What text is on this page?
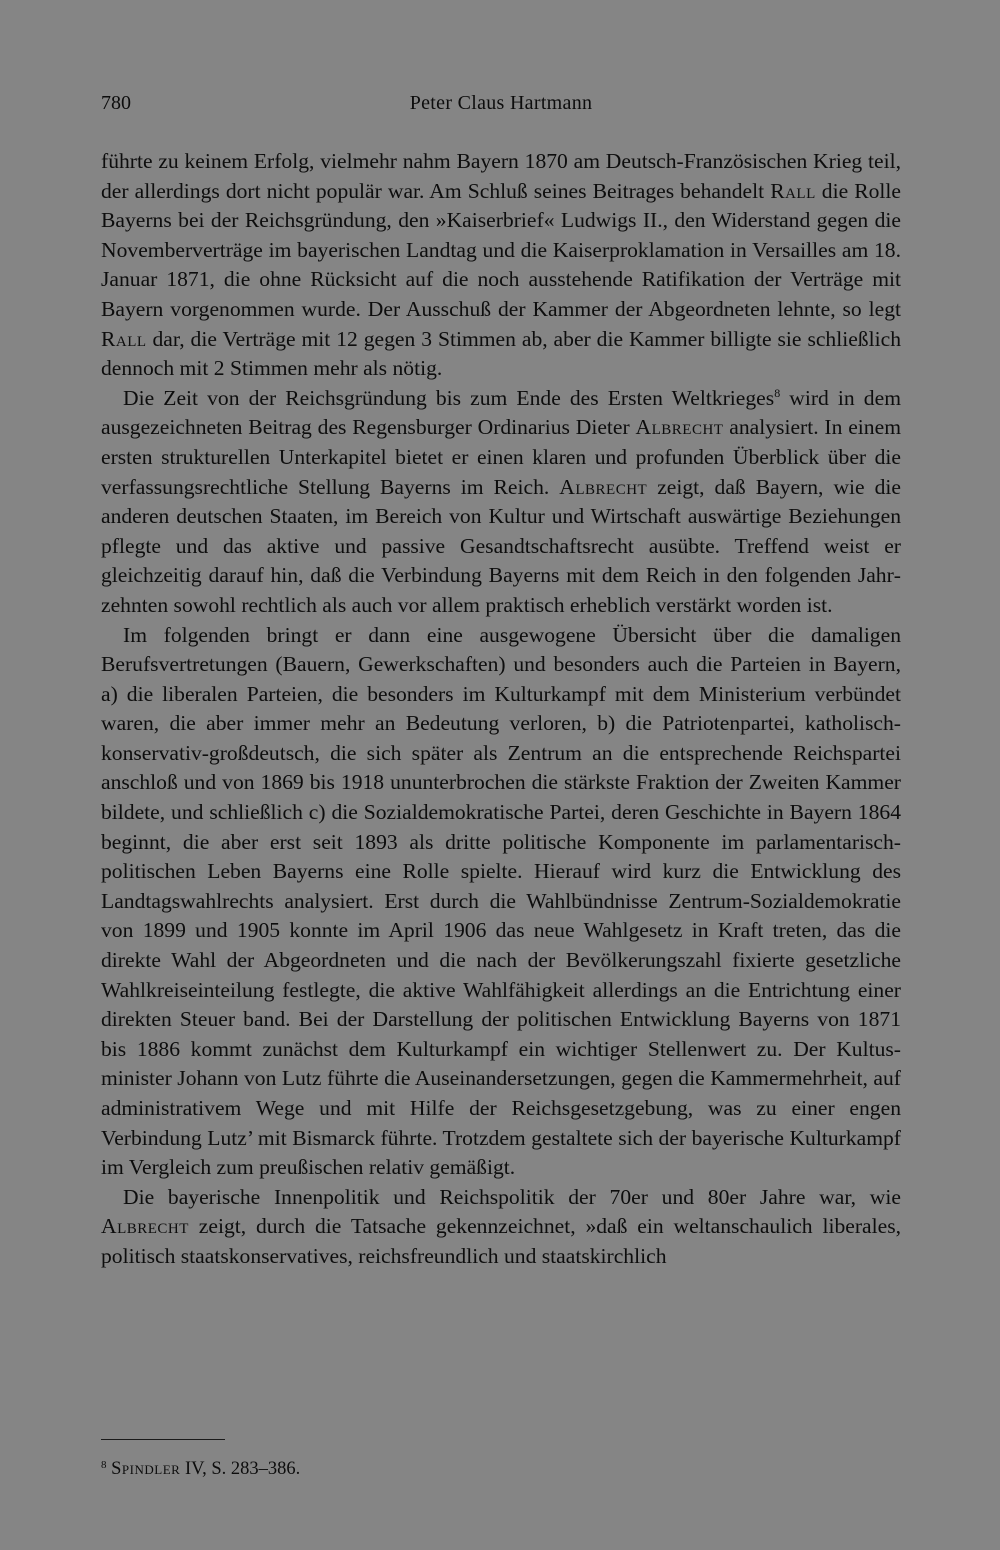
780	Peter Claus Hartmann

führte zu keinem Erfolg, vielmehr nahm Bayern 1870 am Deutsch-Französischen Krieg teil, der allerdings dort nicht populär war. Am Schluß seines Beitrages behandelt Rall die Rolle Bayerns bei der Reichsgründung, den »Kaiserbrief« Ludwigs II., den Widerstand gegen die Novemberverträge im bayerischen Landtag und die Kaiserproklamation in Versailles am 18. Januar 1871, die ohne Rücksicht auf die noch ausstehende Ratifikation der Verträge mit Bayern vorgenommen wurde. Der Ausschuß der Kammer der Abgeordneten lehnte, so legt Rall dar, die Verträge mit 12 gegen 3 Stimmen ab, aber die Kammer billigte sie schließlich dennoch mit 2 Stimmen mehr als nötig.

Die Zeit von der Reichsgründung bis zum Ende des Ersten Weltkrieges$^8$ wird in dem ausgezeichneten Beitrag des Regensburger Ordinarius Dieter Albrecht analysiert. In einem ersten strukturellen Unterkapitel bietet er einen klaren und profunden Überblick über die verfassungsrechtliche Stellung Bayerns im Reich. Albrecht zeigt, daß Bayern, wie die anderen deutschen Staaten, im Bereich von Kultur und Wirtschaft auswärtige Beziehungen pflegte und das aktive und passive Gesandtschaftsrecht ausübte. Treffend weist er gleichzeitig darauf hin, daß die Verbindung Bayerns mit dem Reich in den folgenden Jahrzehnten sowohl rechtlich als auch vor allem praktisch erheblich verstärkt worden ist.

Im folgenden bringt er dann eine ausgewogene Übersicht über die damaligen Berufsvertretungen (Bauern, Gewerkschaften) und besonders auch die Parteien in Bayern, a) die liberalen Parteien, die besonders im Kulturkampf mit dem Ministerium verbündet waren, die aber immer mehr an Bedeutung verloren, b) die Patriotenpartei, katholisch-konservativ-großdeutsch, die sich später als Zentrum an die entsprechende Reichspartei anschloß und von 1869 bis 1918 ununterbrochen die stärkste Fraktion der Zweiten Kammer bildete, und schließlich c) die Sozialdemokratische Partei, deren Geschichte in Bayern 1864 beginnt, die aber erst seit 1893 als dritte politische Komponente im parlamentarisch-politischen Leben Bayerns eine Rolle spielte. Hierauf wird kurz die Entwicklung des Landtagswahlrechts analysiert. Erst durch die Wahlbündnisse Zentrum-Sozialdemokratie von 1899 und 1905 konnte im April 1906 das neue Wahlgesetz in Kraft treten, das die direkte Wahl der Abgeordneten und die nach der Bevölkerungszahl fixierte gesetzliche Wahlkreiseinteilung festlegte, die aktive Wahlfähigkeit allerdings an die Entrichtung einer direkten Steuer band. Bei der Darstellung der politischen Entwicklung Bayerns von 1871 bis 1886 kommt zunächst dem Kulturkampf ein wichtiger Stellenwert zu. Der Kultusminister Johann von Lutz führte die Auseinandersetzungen, gegen die Kammermehrheit, auf administrativem Wege und mit Hilfe der Reichsgesetzgebung, was zu einer engen Verbindung Lutz’ mit Bismarck führte. Trotzdem gestaltete sich der bayerische Kulturkampf im Vergleich zum preußischen relativ gemäßigt.

Die bayerische Innenpolitik und Reichspolitik der 70er und 80er Jahre war, wie Albrecht zeigt, durch die Tatsache gekennzeichnet, »daß ein weltanschaulich liberales, politisch staatskonservatives, reichsfreundlich und staatskirchlich

$^8$ Spindler IV, S. 283–386.
